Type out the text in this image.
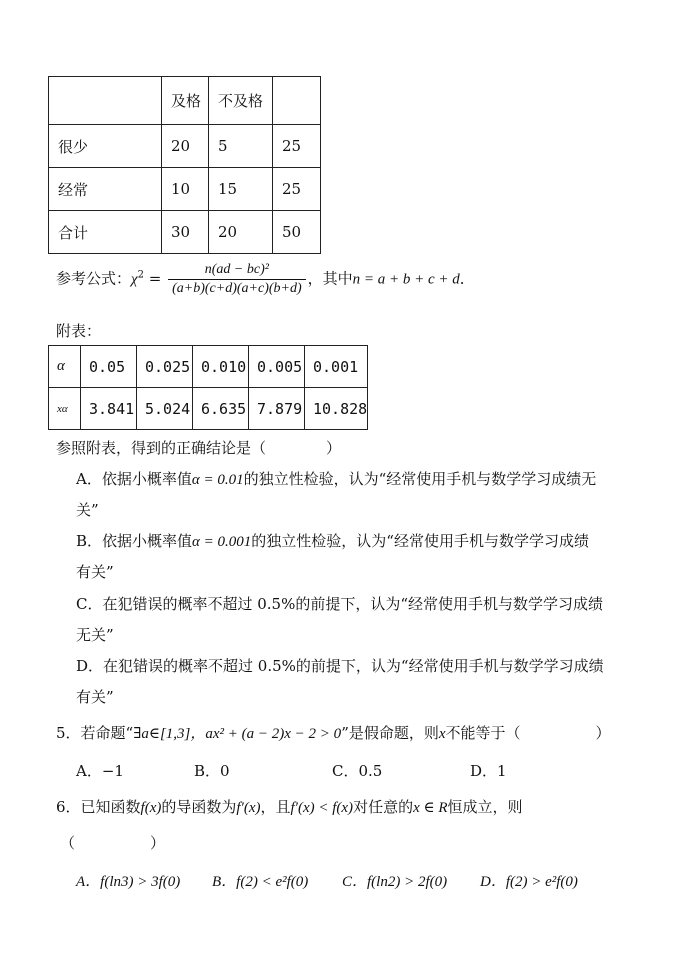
	及格	不及格	
很少	20	5	25
经常	10	15	25
合计	30	20	50
参考公式：$\chi^2 = \frac{\text{n(ad − bc)²}}{(a+b)(c+d)(a+c)(b+d)}$ ，其中n = a + b + c + d．
附表：
α	0.05	0.025	0.010	0.005	0.001
xα	3.841	5.024	6.635	7.879	10.828
参照附表，得到的正确结论是（　　　　）
A．依据小概率值α = 0.01的独立性检验，认为“经常使用手机与数学学习成绩无
关”
B．依据小概率值α = 0.001的独立性检验，认为“经常使用手机与数学学习成绩
有关”
C．在犯错误的概率不超过 0.5%的前提下，认为“经常使用手机与数学学习成绩
无关”
D．在犯错误的概率不超过 0.5%的前提下，认为“经常使用手机与数学学习成绩
有关”
5．若命题“∃a∈[1,3]，ax² + (a − 2)x − 2 > 0”是假命题，则x不能等于（　　　　　）
A．−1	B．0	C．0.5	D．1
6．已知函数f(x)的导函数为f′(x)，且f′(x) < f(x)对任意的x ∈ R恒成立，则
（　　　　　）
A．f(ln3) > 3f(0) B．f(2) < e²f(0) C．f(ln2) > 2f(0) D．f(2) > e²f(0)
